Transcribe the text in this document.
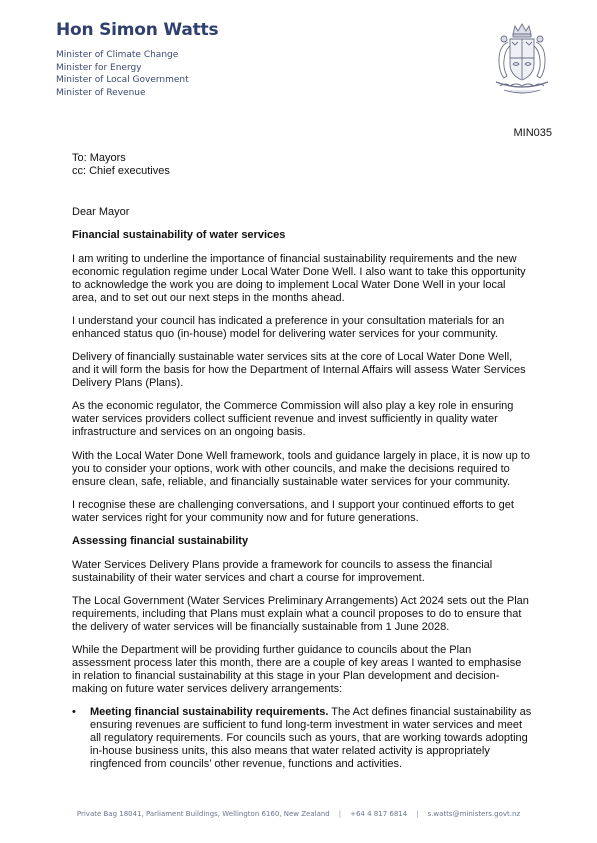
Hon Simon Watts
Minister of Climate Change
Minister for Energy
Minister of Local Government
Minister of Revenue
MIN035
To: Mayors
cc: Chief executives

Dear Mayor

Financial sustainability of water services

I am writing to underline the importance of financial sustainability requirements and the new economic regulation regime under Local Water Done Well. I also want to take this opportunity to acknowledge the work you are doing to implement Local Water Done Well in your local area, and to set out our next steps in the months ahead.

I understand your council has indicated a preference in your consultation materials for an enhanced status quo (in-house) model for delivering water services for your community.

Delivery of financially sustainable water services sits at the core of Local Water Done Well, and it will form the basis for how the Department of Internal Affairs will assess Water Services Delivery Plans (Plans).

As the economic regulator, the Commerce Commission will also play a key role in ensuring water services providers collect sufficient revenue and invest sufficiently in quality water infrastructure and services on an ongoing basis.

With the Local Water Done Well framework, tools and guidance largely in place, it is now up to you to consider your options, work with other councils, and make the decisions required to ensure clean, safe, reliable, and financially sustainable water services for your community.

I recognise these are challenging conversations, and I support your continued efforts to get water services right for your community now and for future generations.

Assessing financial sustainability

Water Services Delivery Plans provide a framework for councils to assess the financial sustainability of their water services and chart a course for improvement.

The Local Government (Water Services Preliminary Arrangements) Act 2024 sets out the Plan requirements, including that Plans must explain what a council proposes to do to ensure that the delivery of water services will be financially sustainable from 1 June 2028.

While the Department will be providing further guidance to councils about the Plan assessment process later this month, there are a couple of key areas I wanted to emphasise in relation to financial sustainability at this stage in your Plan development and decision-making on future water services delivery arrangements:

• Meeting financial sustainability requirements. The Act defines financial sustainability as ensuring revenues are sufficient to fund long-term investment in water services and meet all regulatory requirements. For councils such as yours, that are working towards adopting in-house business units, this also means that water related activity is appropriately ringfenced from councils’ other revenue, functions and activities.

Private Bag 18041, Parliament Buildings, Wellington 6160, New Zealand | +64 4 817 6814 | s.watts@ministers.govt.nz
